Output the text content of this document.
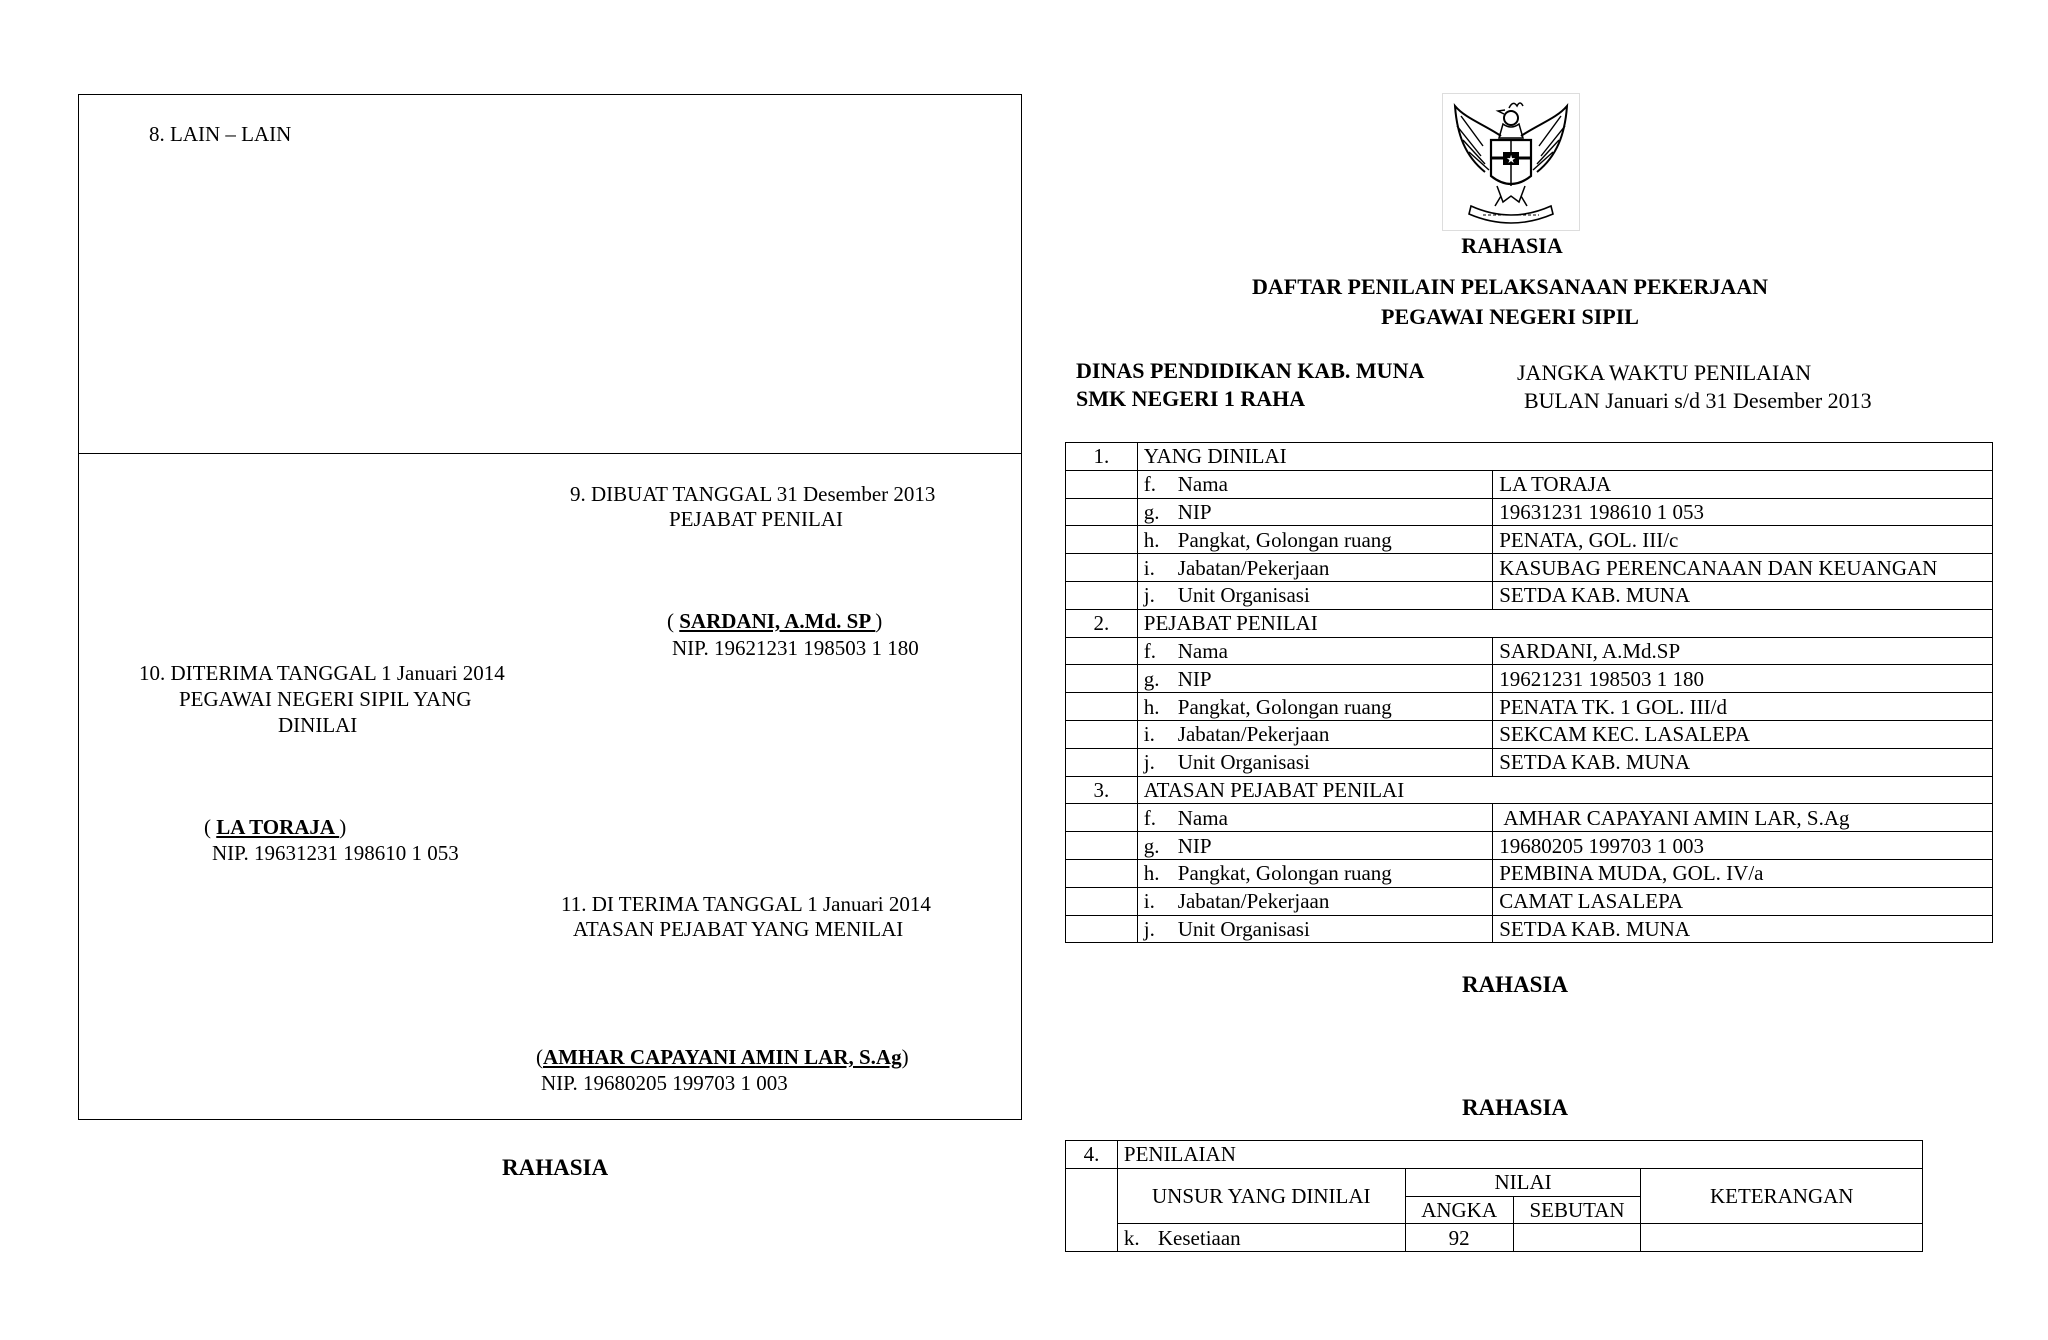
8. LAIN – LAIN
9. DIBUAT TANGGAL 31 Desember 2013
PEJABAT PENILAI
( SARDANI, A.Md. SP )
NIP. 19621231 198503 1 180
10. DITERIMA TANGGAL 1 Januari 2014
PEGAWAI NEGERI SIPIL YANG
DINILAI
( LA TORAJA )
NIP. 19631231 198610 1 053
11. DI TERIMA TANGGAL 1 Januari 2014
ATASAN PEJABAT YANG MENILAI
(AMHAR CAPAYANI AMIN LAR, S.Ag)
NIP. 19680205 199703 1 003
RAHASIA
★
RAHASIA
DAFTAR PENILAIN PELAKSANAAN PEKERJAAN
PEGAWAI NEGERI SIPIL
DINAS PENDIDIKAN KAB. MUNA
SMK NEGERI 1 RAHA
JANGKA WAKTU PENILAIAN
BULAN Januari s/d 31 Desember 2013
1.	YANG DINILAI	
	f. Nama	LA TORAJA
	g. NIP	19631231 198610 1 053
	h. Pangkat, Golongan ruang	PENATA, GOL. III/c
	i. Jabatan/Pekerjaan	KASUBAG PERENCANAAN DAN KEUANGAN
	j. Unit Organisasi	SETDA KAB. MUNA
2.	PEJABAT PENILAI	
	f. Nama	SARDANI, A.Md.SP
	g. NIP	19621231 198503 1 180
	h. Pangkat, Golongan ruang	PENATA TK. 1 GOL. III/d
	i. Jabatan/Pekerjaan	SEKCAM KEC. LASALEPA
	j. Unit Organisasi	SETDA KAB. MUNA
3.	ATASAN PEJABAT PENILAI	
	f. Nama	AMHAR CAPAYANI AMIN LAR, S.Ag
	g. NIP	19680205 199703 1 003
	h. Pangkat, Golongan ruang	PEMBINA MUDA, GOL. IV/a
	i. Jabatan/Pekerjaan	CAMAT LASALEPA
	j. Unit Organisasi	SETDA KAB. MUNA
RAHASIA
RAHASIA
4.	PENILAIAN			
	UNSUR YANG DINILAI	NILAI		KETERANGAN
		ANGKA	SEBUTAN	
	k. Kesetiaan	92		
